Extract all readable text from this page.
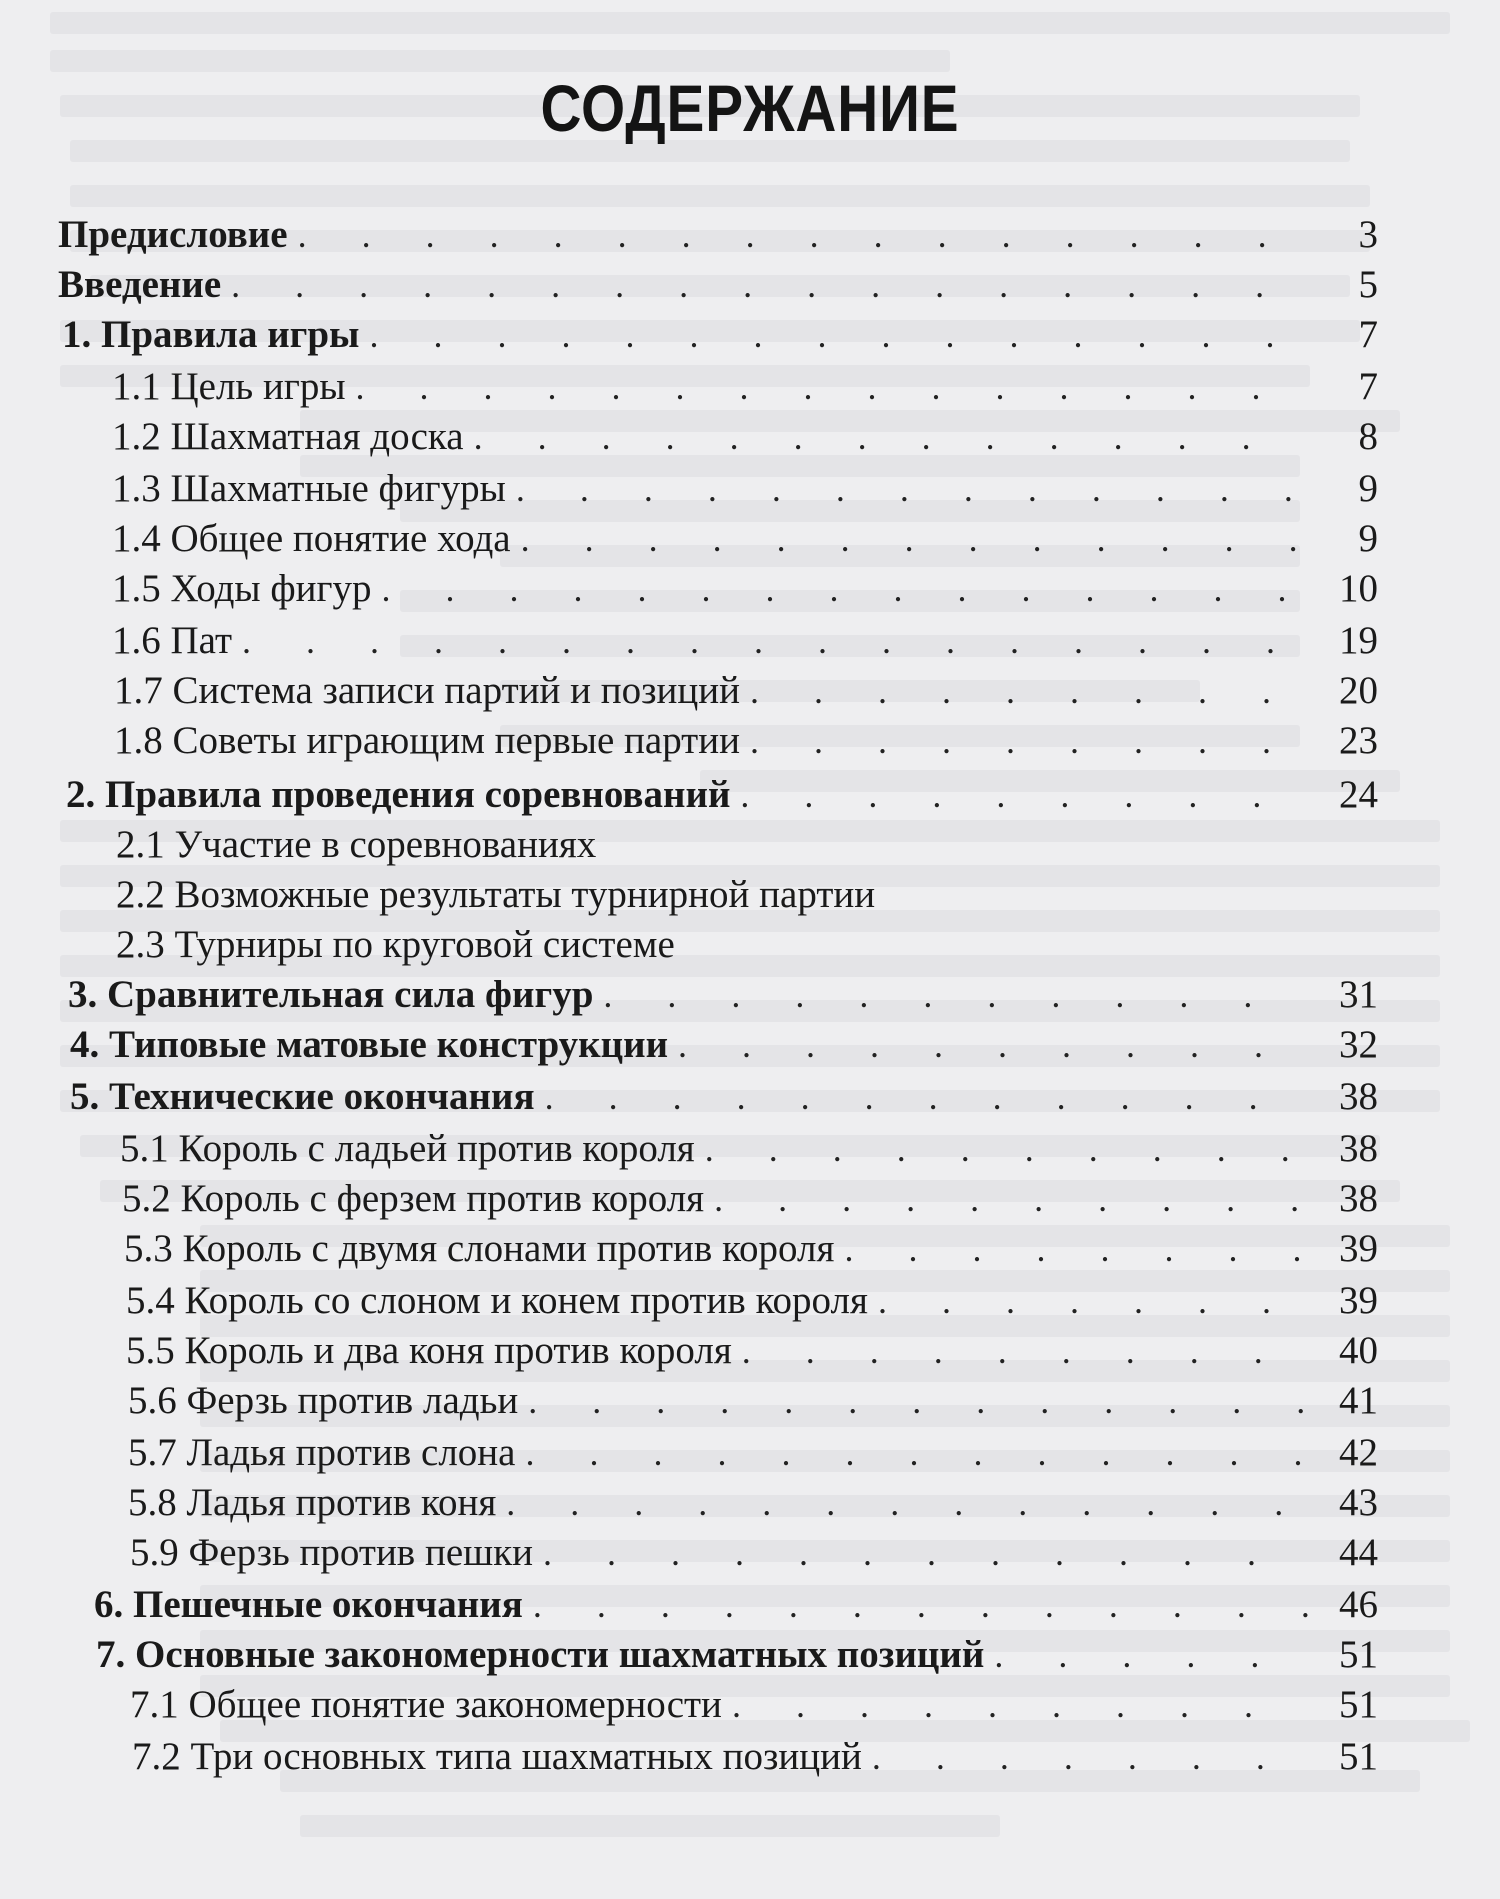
СОДЕРЖАНИЕ
Предисловие . . .	3
Введение . . .	5
1. Правила игры . . .	7
1.1 Цель игры . . .	7
1.2 Шахматная доска . . .	8
1.3 Шахматные фигуры . . .	9
1.4 Общее понятие хода . . .	9
1.5 Ходы фигур . . .	10
1.6 Пат . . .	19
1.7 Система записи партий и позиций . . .	20
1.8 Советы играющим первые партии . . .	23
2. Правила проведения соревнований . . .	24
2.1 Участие в соревнованиях
2.2 Возможные результаты турнирной партии
2.3 Турниры по круговой системе
3. Сравнительная сила фигур . . .	31
4. Типовые матовые конструкции . . .	32
5. Технические окончания . . .	38
5.1 Король с ладьей против короля . . .	38
5.2 Король с ферзем против короля . . .	38
5.3 Король с двумя слонами против короля . . .	39
5.4 Король со слоном и конем против короля . . .	39
5.5 Король и два коня против короля . . .	40
5.6 Ферзь против ладьи . . .	41
5.7 Ладья против слона . . .	42
5.8 Ладья против коня . . .	43
5.9 Ферзь против пешки . . .	44
6. Пешечные окончания . . .	46
7. Основные закономерности шахматных позиций . . .	51
7.1 Общее понятие закономерности . . .	51
7.2 Три основных типа шахматных позиций . . .	51
